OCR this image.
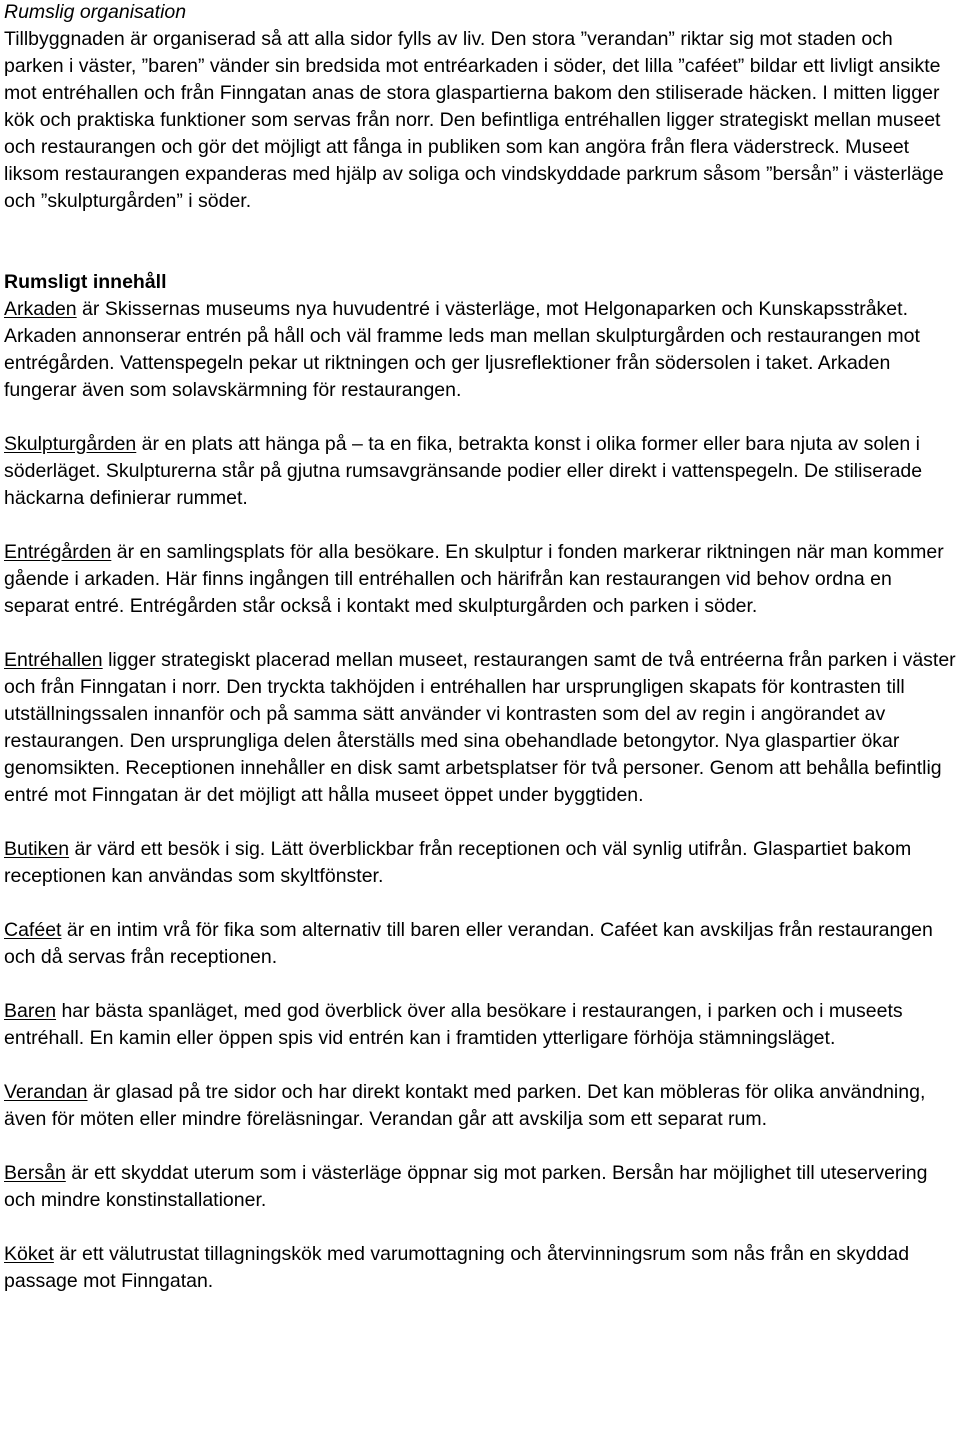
Rumslig organisation

Tillbyggnaden är organiserad så att alla sidor fylls av liv. Den stora ”verandan” riktar sig mot staden och parken i väster, ”baren” vänder sin bredsida mot entréarkaden i söder, det lilla ”caféet” bildar ett livligt ansikte mot entréhallen och från Finngatan anas de stora glaspartierna bakom den stiliserade häcken. I mitten ligger kök och praktiska funktioner som servas från norr. Den befintliga entréhallen ligger strategiskt mellan museet och restaurangen och gör det möjligt att fånga in publiken som kan angöra från flera väderstreck. Museet liksom restaurangen expanderas med hjälp av soliga och vindskyddade parkrum såsom ”bersån” i västerläge och ”skulpturgården” i söder.

Rumsligt innehåll

Arkaden är Skissernas museums nya huvudentré i västerläge, mot Helgonaparken och Kunskapsstråket. Arkaden annonserar entrén på håll och väl framme leds man mellan skulpturgården och restaurangen mot entrégården. Vattenspegeln pekar ut riktningen och ger ljusreflektioner från södersolen i taket. Arkaden fungerar även som solavskärmning för restaurangen.

Skulpturgården är en plats att hänga på – ta en fika, betrakta konst i olika former eller bara njuta av solen i söderläget. Skulpturerna står på gjutna rumsavgränsande podier eller direkt i vattenspegeln. De stiliserade häckarna definierar rummet.

Entrégården är en samlingsplats för alla besökare. En skulptur i fonden markerar riktningen när man kommer gående i arkaden. Här finns ingången till entréhallen och härifrån kan restaurangen vid behov ordna en separat entré. Entrégården står också i kontakt med skulpturgården och parken i söder.

Entréhallen ligger strategiskt placerad mellan museet, restaurangen samt de två entréerna från parken i väster och från Finngatan i norr. Den tryckta takhöjden i entréhallen har ursprungligen skapats för kontrasten till utställningssalen innanför och på samma sätt använder vi kontrasten som del av regin i angörandet av restaurangen. Den ursprungliga delen återställs med sina obehandlade betongytor. Nya glaspartier ökar genomsikten. Receptionen innehåller en disk samt arbetsplatser för två personer. Genom att behålla befintlig entré mot Finngatan är det möjligt att hålla museet öppet under byggtiden.

Butiken är värd ett besök i sig. Lätt överblickbar från receptionen och väl synlig utifrån. Glaspartiet bakom receptionen kan användas som skyltfönster.

Caféet är en intim vrå för fika som alternativ till baren eller verandan. Caféet kan avskiljas från restaurangen och då servas från receptionen.

Baren har bästa spanläget, med god överblick över alla besökare i restaurangen, i parken och i museets entréhall. En kamin eller öppen spis vid entrén kan i framtiden ytterligare förhöja stämningsläget.

Verandan är glasad på tre sidor och har direkt kontakt med parken. Det kan möbleras för olika användning, även för möten eller mindre föreläsningar. Verandan går att avskilja som ett separat rum.

Bersån är ett skyddat uterum som i västerläge öppnar sig mot parken. Bersån har möjlighet till uteservering och mindre konstinstallationer.

Köket är ett välutrustat tillagningskök med varumottagning och återvinningsrum som nås från en skyddad passage mot Finngatan.
